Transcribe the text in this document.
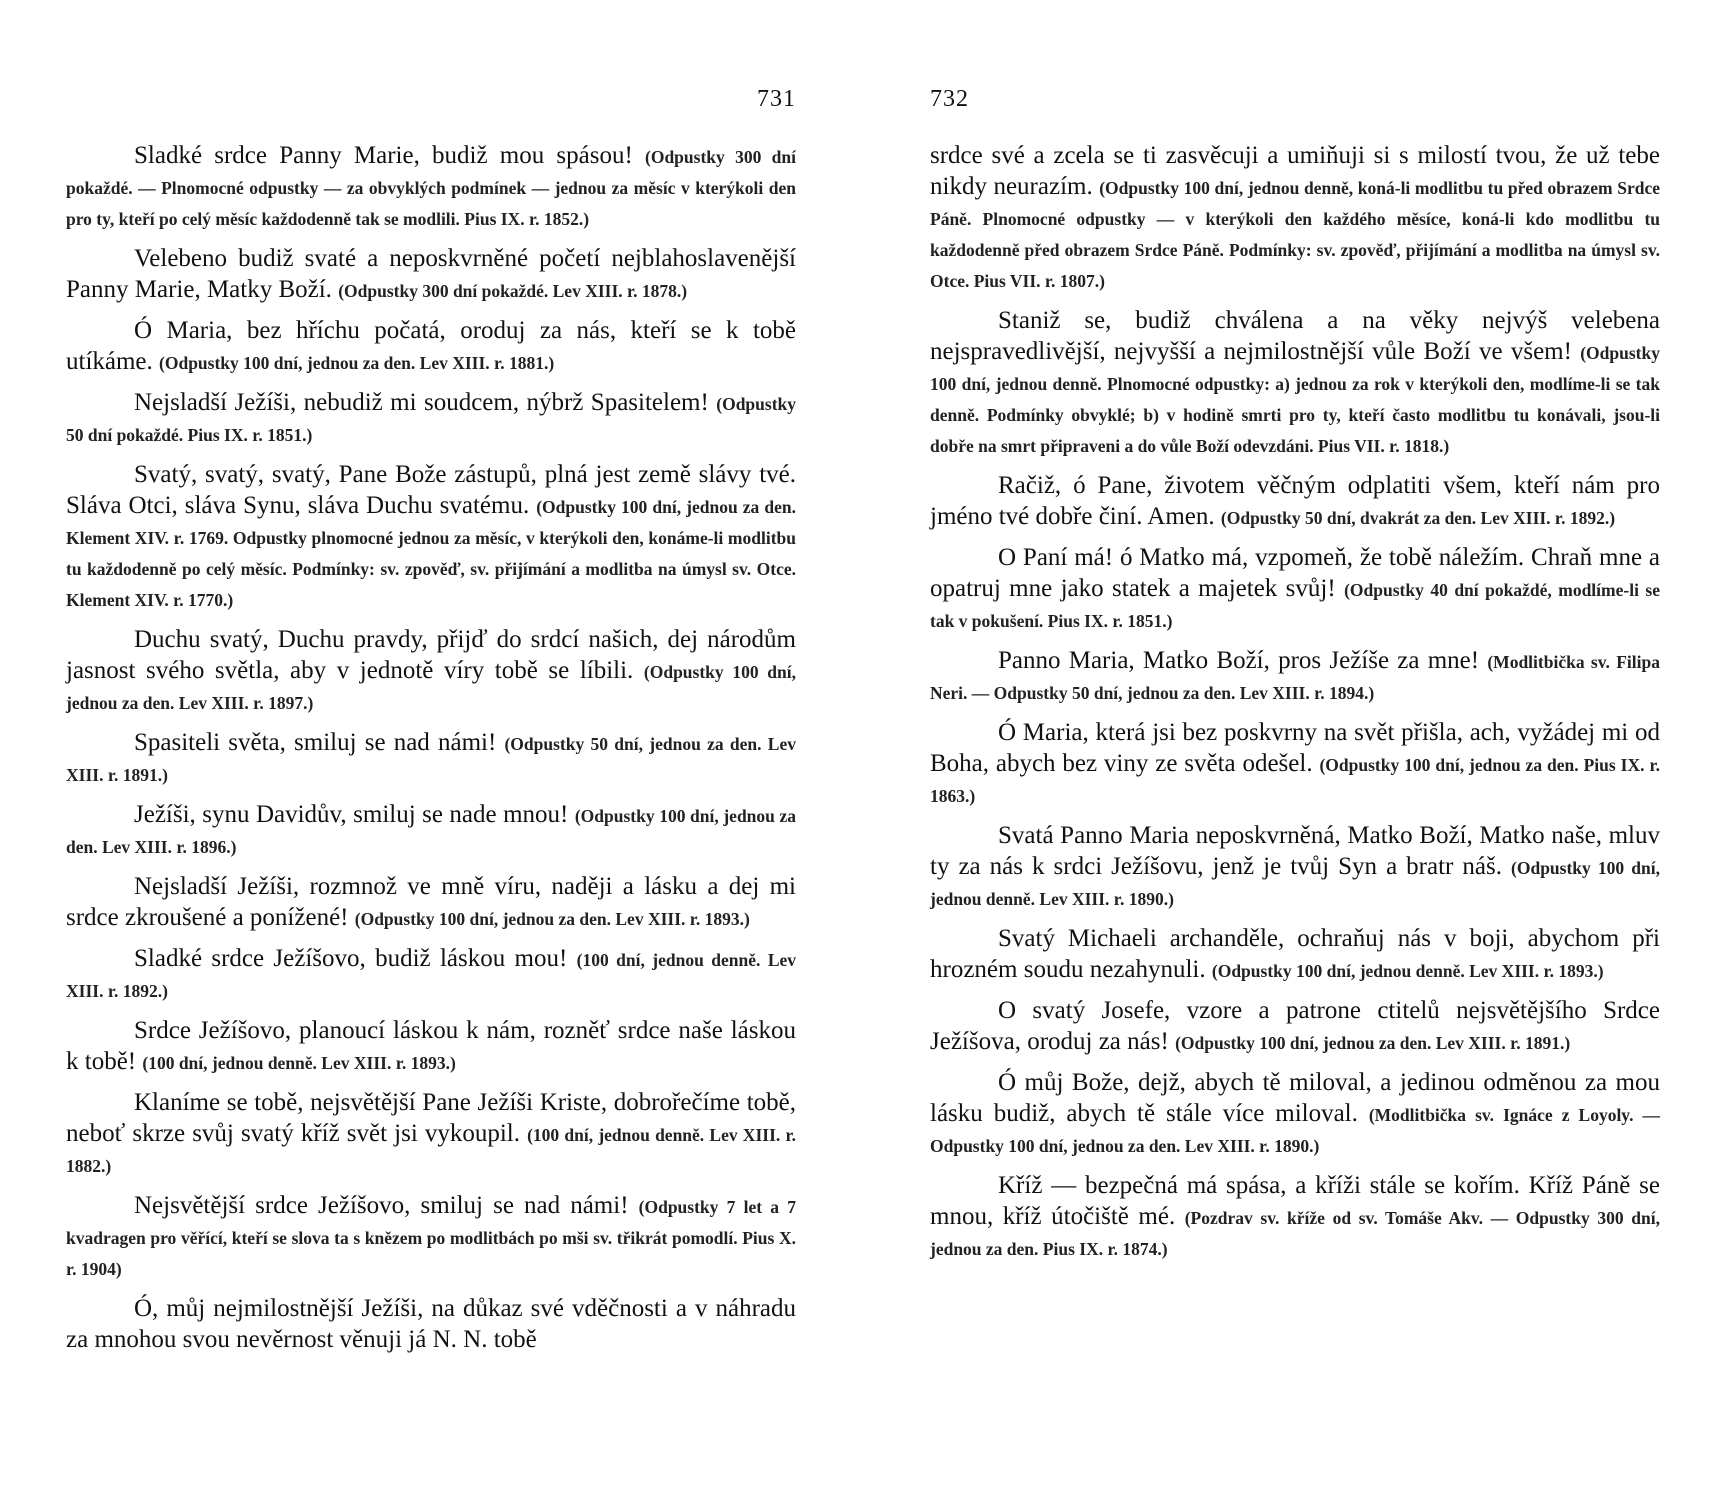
731

Sladké srdce Panny Marie, budiž mou spásou! (Odpustky 300 dní pokaždé. — Plnomocné odpustky — za obvyklých podmínek — jednou za měsíc v kterýkoli den pro ty, kteří po celý měsíc každodenně tak se modlili. Pius IX. r. 1852.)

Velebeno budiž svaté a neposkvrněné početí nejblahoslavenější Panny Marie, Matky Boží. (Odpustky 300 dní pokaždé. Lev XIII. r. 1878.)

Ó Maria, bez hříchu počatá, oroduj za nás, kteří se k tobě utíkáme. (Odpustky 100 dní, jednou za den. Lev XIII. r. 1881.)

Nejsladší Ježíši, nebudiž mi soudcem, nýbrž Spasitelem! (Odpustky 50 dní pokaždé. Pius IX. r. 1851.)

Svatý, svatý, svatý, Pane Bože zástupů, plná jest země slávy tvé. Sláva Otci, sláva Synu, sláva Duchu svatému. (Odpustky 100 dní, jednou za den. Klement XIV. r. 1769. Odpustky plnomocné jednou za měsíc, v kterýkoli den, konáme-li modlitbu tu každodenně po celý měsíc. Podmínky: sv. zpověď, sv. přijímání a modlitba na úmysl sv. Otce. Klement XIV. r. 1770.)

Duchu svatý, Duchu pravdy, přijď do srdcí našich, dej národům jasnost svého světla, aby v jednotě víry tobě se líbili. (Odpustky 100 dní, jednou za den. Lev XIII. r. 1897.)

Spasiteli světa, smiluj se nad námi! (Odpustky 50 dní, jednou za den. Lev XIII. r. 1891.)

Ježíši, synu Davidův, smiluj se nade mnou! (Odpustky 100 dní, jednou za den. Lev XIII. r. 1896.)

Nejsladší Ježíši, rozmnož ve mně víru, naději a lásku a dej mi srdce zkroušené a ponížené! (Odpustky 100 dní, jednou za den. Lev XIII. r. 1893.)

Sladké srdce Ježíšovo, budiž láskou mou! (100 dní, jednou denně. Lev XIII. r. 1892.)

Srdce Ježíšovo, planoucí láskou k nám, rozněť srdce naše láskou k tobě! (100 dní, jednou denně. Lev XIII. r. 1893.)

Klaníme se tobě, nejsvětější Pane Ježíši Kriste, dobrořečíme tobě, neboť skrze svůj svatý kříž svět jsi vykoupil. (100 dní, jednou denně. Lev XIII. r. 1882.)

Nejsvětější srdce Ježíšovo, smiluj se nad námi! (Odpustky 7 let a 7 kvadragen pro věřící, kteří se slova ta s knězem po modlitbách po mši sv. třikrát pomodlí. Pius X. r. 1904)

Ó, můj nejmilostnější Ježíši, na důkaz své vděčnosti a v náhradu za mnohou svou nevěrnost věnuji já N. N. tobě

732

srdce své a zcela se ti zasvěcuji a umiňuji si s milostí tvou, že už tebe nikdy neurazím. (Odpustky 100 dní, jednou denně, koná-li modlitbu tu před obrazem Srdce Páně. Plnomocné odpustky — v kterýkoli den každého měsíce, koná-li kdo modlitbu tu každodenně před obrazem Srdce Páně. Podmínky: sv. zpověď, přijímání a modlitba na úmysl sv. Otce. Pius VII. r. 1807.)

Staniž se, budiž chválena a na věky nejvýš velebena nejspravedlivější, nejvyšší a nejmilostnější vůle Boží ve všem! (Odpustky 100 dní, jednou denně. Plnomocné odpustky: a) jednou za rok v kterýkoli den, modlíme-li se tak denně. Podmínky obvyklé; b) v hodině smrti pro ty, kteří často modlitbu tu konávali, jsou-li dobře na smrt připraveni a do vůle Boží odevzdáni. Pius VII. r. 1818.)

Račiž, ó Pane, životem věčným odplatiti všem, kteří nám pro jméno tvé dobře činí. Amen. (Odpustky 50 dní, dvakrát za den. Lev XIII. r. 1892.)

O Paní má! ó Matko má, vzpomeň, že tobě náležím. Chraň mne a opatruj mne jako statek a majetek svůj! (Odpustky 40 dní pokaždé, modlíme-li se tak v pokušení. Pius IX. r. 1851.)

Panno Maria, Matko Boží, pros Ježíše za mne! (Modlitbička sv. Filipa Neri. — Odpustky 50 dní, jednou za den. Lev XIII. r. 1894.)

Ó Maria, která jsi bez poskvrny na svět přišla, ach, vyžádej mi od Boha, abych bez viny ze světa odešel. (Odpustky 100 dní, jednou za den. Pius IX. r. 1863.)

Svatá Panno Maria neposkvrněná, Matko Boží, Matko naše, mluv ty za nás k srdci Ježíšovu, jenž je tvůj Syn a bratr náš. (Odpustky 100 dní, jednou denně. Lev XIII. r. 1890.)

Svatý Michaeli archanděle, ochraňuj nás v boji, abychom při hrozném soudu nezahynuli. (Odpustky 100 dní, jednou denně. Lev XIII. r. 1893.)

O svatý Josefe, vzore a patrone ctitelů nejsvětějšího Srdce Ježíšova, oroduj za nás! (Odpustky 100 dní, jednou za den. Lev XIII. r. 1891.)

Ó můj Bože, dejž, abych tě miloval, a jedinou odměnou za mou lásku budiž, abych tě stále více miloval. (Modlitbička sv. Ignáce z Loyoly. — Odpustky 100 dní, jednou za den. Lev XIII. r. 1890.)

Kříž — bezpečná má spása, a kříži stále se kořím. Kříž Páně se mnou, kříž útočiště mé. (Pozdrav sv. kříže od sv. Tomáše Akv. — Odpustky 300 dní, jednou za den. Pius IX. r. 1874.)
